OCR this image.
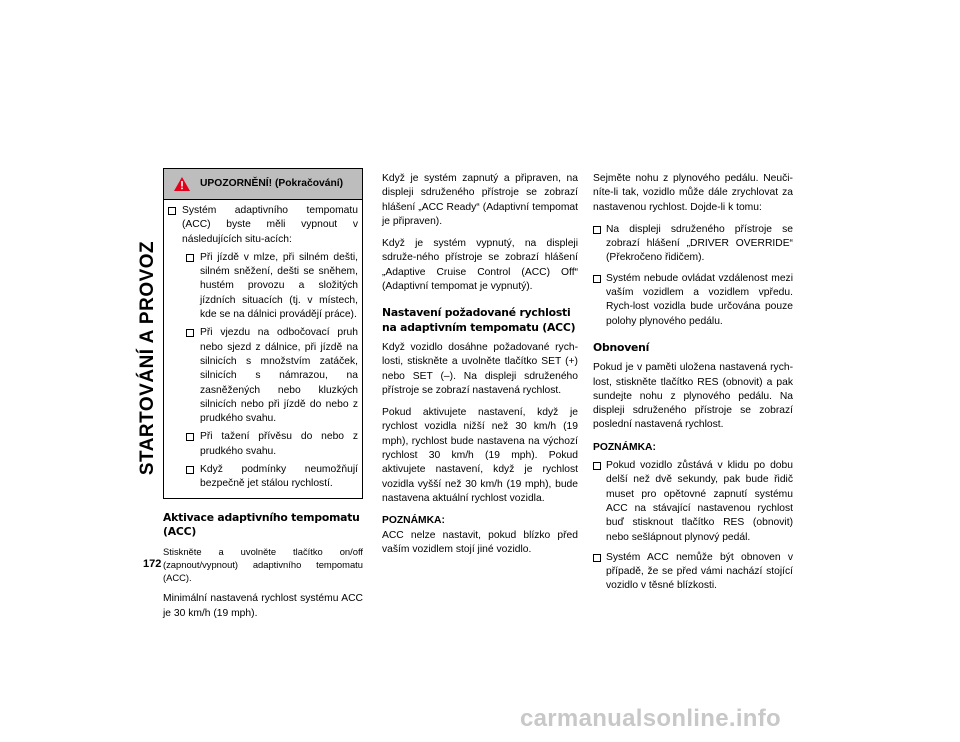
STARTOVÁNÍ A PROVOZ
172
UPOZORNĚNÍ! (Pokračování)
Systém adaptivního tempomatu (ACC) byste měli vypnout v následujících situ-acích:
Při jízdě v mlze, při silném dešti, silném sněžení, dešti se sněhem, hustém provozu a složitých jízdních situacích (tj. v místech, kde se na dálnici provádějí práce).
Při vjezdu na odbočovací pruh nebo sjezd z dálnice, při jízdě na silnicích s množstvím zatáček, silnicích s námrazou, na zasněžených nebo kluzkých silnicích nebo při jízdě do nebo z prudkého svahu.
Při tažení přívěsu do nebo z prudkého svahu.
Když podmínky neumožňují bezpečně jet stálou rychlostí.
Aktivace adaptivního tempomatu (ACC)

Stiskněte a uvolněte tlačítko on/off (zapnout/vypnout) adaptivního tempomatu (ACC).

Minimální nastavená rychlost systému ACC je 30 km/h (19 mph).

Když je systém zapnutý a připraven, na displeji sdruženého přístroje se zobrazí hlášení „ACC Ready“ (Adaptivní tempomat je připraven).

Když je systém vypnutý, na displeji sdruže-ného přístroje se zobrazí hlášení „Adaptive Cruise Control (ACC) Off“ (Adaptivní tempomat je vypnutý).

Nastavení požadované rychlosti na adaptivním tempomatu (ACC)

Když vozidlo dosáhne požadované rych-losti, stiskněte a uvolněte tlačítko SET (+) nebo SET (–). Na displeji sdruženého přístroje se zobrazí nastavená rychlost.

Pokud aktivujete nastavení, když je rychlost vozidla nižší než 30 km/h (19 mph), rychlost bude nastavena na výchozí rychlost 30 km/h (19 mph). Pokud aktivujete nastavení, když je rychlost vozidla vyšší než 30 km/h (19 mph), bude nastavena aktuální rychlost vozidla.

POZNÁMKA:

ACC nelze nastavit, pokud blízko před vaším vozidlem stojí jiné vozidlo.

Sejměte nohu z plynového pedálu. Neuči-níte-li tak, vozidlo může dále zrychlovat za nastavenou rychlost. Dojde-li k tomu:

Na displeji sdruženého přístroje se zobrazí hlášení „DRIVER OVERRIDE“ (Překročeno řidičem).
Systém nebude ovládat vzdálenost mezi vaším vozidlem a vozidlem vpředu. Rych-lost vozidla bude určována pouze polohy plynového pedálu.
Obnovení

Pokud je v paměti uložena nastavená rych-lost, stiskněte tlačítko RES (obnovit) a pak sundejte nohu z plynového pedálu. Na displeji sdruženého přístroje se zobrazí poslední nastavená rychlost.

POZNÁMKA:

Pokud vozidlo zůstává v klidu po dobu delší než dvě sekundy, pak bude řidič muset pro opětovné zapnutí systému ACC na stávající nastavenou rychlost buď stisknout tlačítko RES (obnovit) nebo sešlápnout plynový pedál.
Systém ACC nemůže být obnoven v případě, že se před vámi nachází stojící vozidlo v těsné blízkosti.
carmanualsonline.info
